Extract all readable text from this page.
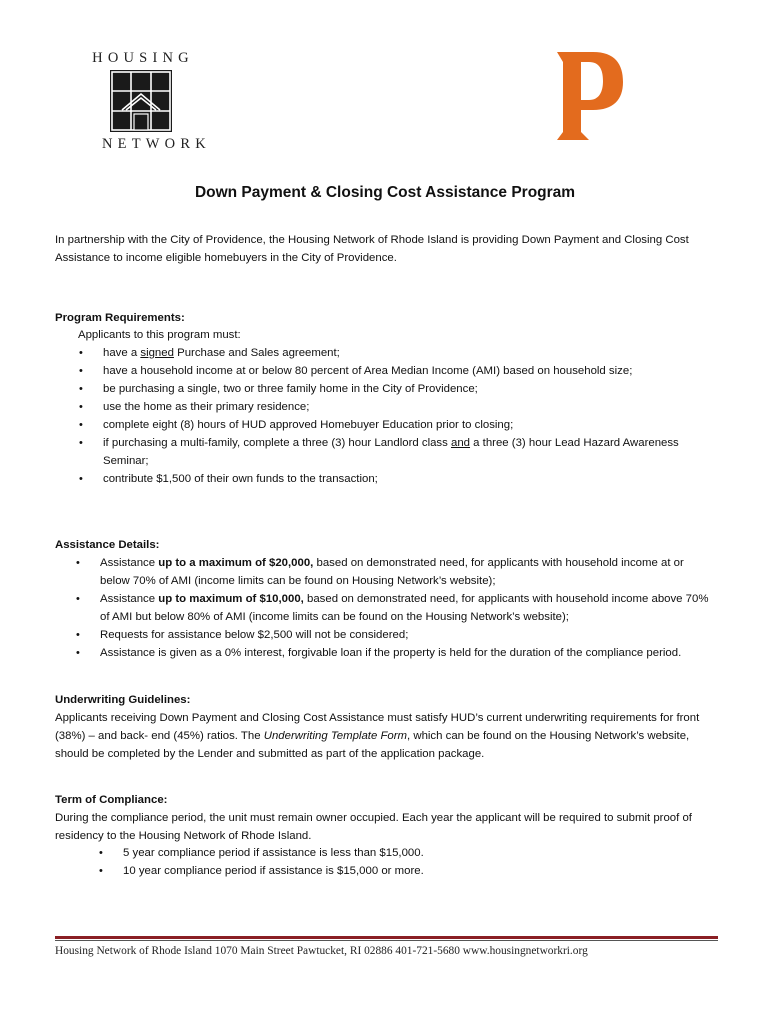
HOUSING
NETWORK
Down Payment & Closing Cost Assistance Program

In partnership with the City of Providence, the Housing Network of Rhode Island is providing Down Payment and Closing Cost Assistance to income eligible homebuyers in the City of Providence.

Program Requirements:
Applicants to this program must:
• have a signed Purchase and Sales agreement;
• have a household income at or below 80 percent of Area Median Income (AMI) based on household size;
• be purchasing a single, two or three family home in the City of Providence;
• use the home as their primary residence;
• complete eight (8) hours of HUD approved Homebuyer Education prior to closing;
• if purchasing a multi-family, complete a three (3) hour Landlord class and a three (3) hour Lead Hazard Awareness Seminar;
• contribute $1,500 of their own funds to the transaction;
Assistance Details:
• Assistance up to a maximum of $20,000, based on demonstrated need, for applicants with household income at or below 70% of AMI (income limits can be found on Housing Network’s website);
• Assistance up to maximum of $10,000, based on demonstrated need, for applicants with household income above 70% of AMI but below 80% of AMI (income limits can be found on the Housing Network’s website);
• Requests for assistance below $2,500 will not be considered;
• Assistance is given as a 0% interest, forgivable loan if the property is held for the duration of the compliance period.
Underwriting Guidelines:

Applicants receiving Down Payment and Closing Cost Assistance must satisfy HUD’s current underwriting requirements for front (38%) – and back- end (45%) ratios. The Underwriting Template Form, which can be found on the Housing Network’s website, should be completed by the Lender and submitted as part of the application package.

Term of Compliance:

During the compliance period, the unit must remain owner occupied. Each year the applicant will be required to submit proof of residency to the Housing Network of Rhode Island.

• 5 year compliance period if assistance is less than $15,000.
• 10 year compliance period if assistance is $15,000 or more.
Housing Network of Rhode Island 1070 Main Street Pawtucket, RI 02886 401-721-5680 www.housingnetworkri.org
